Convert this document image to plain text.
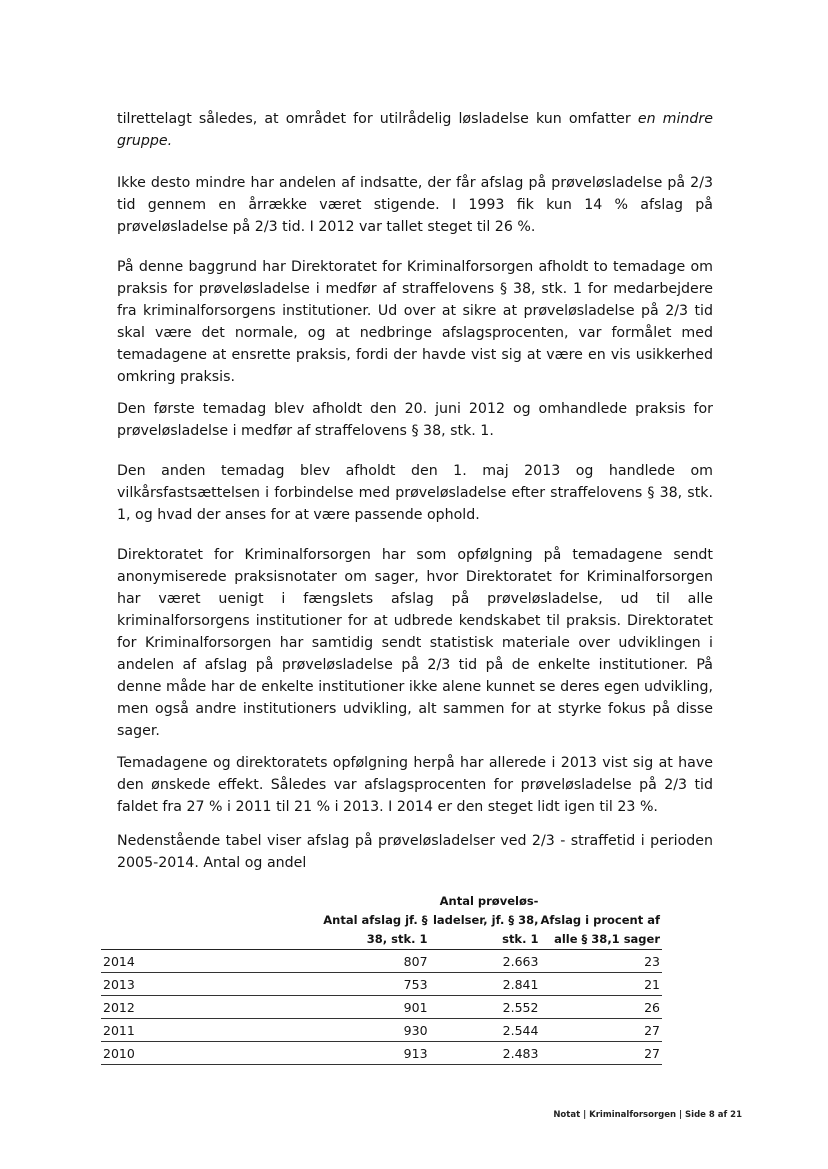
tilrettelagt således, at området for utilrådelig løsladelse kun omfatter en mindre gruppe.

Ikke desto mindre har andelen af indsatte, der får afslag på prøveløsladelse på 2/3 tid gennem en årrække været stigende. I 1993 fik kun 14 % afslag på prøveløsladelse på 2/3 tid. I 2012 var tallet steget til 26 %.

På denne baggrund har Direktoratet for Kriminalforsorgen afholdt to temadage om praksis for prøveløsladelse i medfør af straffelovens § 38, stk. 1 for medarbejdere fra kriminalforsorgens institutioner. Ud over at sikre at prøveløsladelse på 2/3 tid skal være det normale, og at nedbringe afslagsprocenten, var formålet med temadagene at ensrette praksis, fordi der havde vist sig at være en vis usikkerhed omkring praksis.

Den første temadag blev afholdt den 20. juni 2012 og omhandlede praksis for prøveløsladelse i medfør af straffelovens § 38, stk. 1.

Den anden temadag blev afholdt den 1. maj 2013 og handlede om vilkårsfastsættelsen i forbindelse med prøveløsladelse efter straffelovens § 38, stk. 1, og hvad der anses for at være passende ophold.

Direktoratet for Kriminalforsorgen har som opfølgning på temadagene sendt anonymiserede praksisnotater om sager, hvor Direktoratet for Kriminalforsorgen har været uenigt i fængslets afslag på prøveløsladelse, ud til alle kriminalforsorgens institutioner for at udbrede kendskabet til praksis. Direktoratet for Kriminalforsorgen har samtidig sendt statistisk materiale over udviklingen i andelen af afslag på prøveløsladelse på 2/3 tid på de enkelte institutioner. På denne måde har de enkelte institutioner ikke alene kunnet se deres egen udvikling, men også andre institutioners udvikling, alt sammen for at styrke fokus på disse sager.

Temadagene og direktoratets opfølgning herpå har allerede i 2013 vist sig at have den ønskede effekt. Således var afslagsprocenten for prøveløsladelse på 2/3 tid faldet fra 27 % i 2011 til 21 % i 2013. I 2014 er den steget lidt igen til 23 %.

Nedenstående tabel viser afslag på prøveløsladelser ved 2/3 - straffetid i perioden 2005-2014. Antal og andel

	Antal afslag jf. § 38, stk. 1	Antal prøveløs-ladelser, jf. § 38, stk. 1	Afslag i procent af alle § 38,1 sager
2014	807	2.663	23
2013	753	2.841	21
2012	901	2.552	26
2011	930	2.544	27
2010	913	2.483	27
Notat | Kriminalforsorgen | Side 8 af 21
